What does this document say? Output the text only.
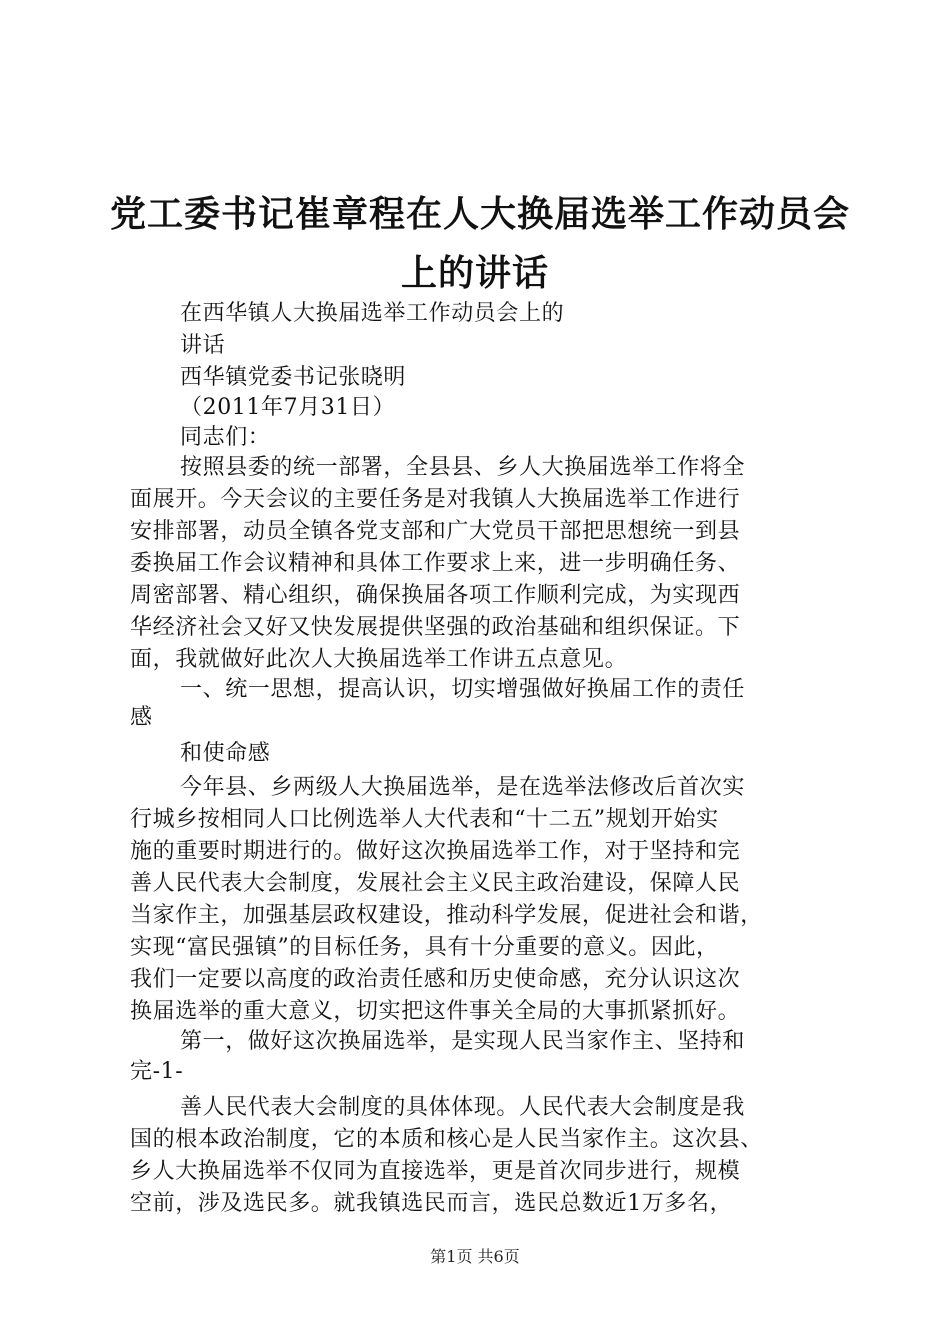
党工委书记崔章程在人大换届选举工作动员会
上的讲话
在西华镇人大换届选举工作动员会上的
讲话
西华镇党委书记张晓明
（2011年7月31日）
同志们：
按照县委的统一部署，全县县、乡人大换届选举工作将全
面展开。今天会议的主要任务是对我镇人大换届选举工作进行
安排部署，动员全镇各党支部和广大党员干部把思想统一到县
委换届工作会议精神和具体工作要求上来，进一步明确任务、
周密部署、精心组织，确保换届各项工作顺利完成，为实现西
华经济社会又好又快发展提供坚强的政治基础和组织保证。下
面，我就做好此次人大换届选举工作讲五点意见。
一、统一思想，提高认识，切实增强做好换届工作的责任
感
和使命感
今年县、乡两级人大换届选举，是在选举法修改后首次实
行城乡按相同人口比例选举人大代表和“十二五”规划开始实
施的重要时期进行的。做好这次换届选举工作，对于坚持和完
善人民代表大会制度，发展社会主义民主政治建设，保障人民
当家作主，加强基层政权建设，推动科学发展，促进社会和谐，
实现“富民强镇”的目标任务，具有十分重要的意义。因此，
我们一定要以高度的政治责任感和历史使命感，充分认识这次
换届选举的重大意义，切实把这件事关全局的大事抓紧抓好。
第一，做好这次换届选举，是实现人民当家作主、坚持和
完-1-
善人民代表大会制度的具体体现。人民代表大会制度是我
国的根本政治制度，它的本质和核心是人民当家作主。这次县、
乡人大换届选举不仅同为直接选举，更是首次同步进行，规模
空前，涉及选民多。就我镇选民而言，选民总数近1万多名，
第1页 共6页
